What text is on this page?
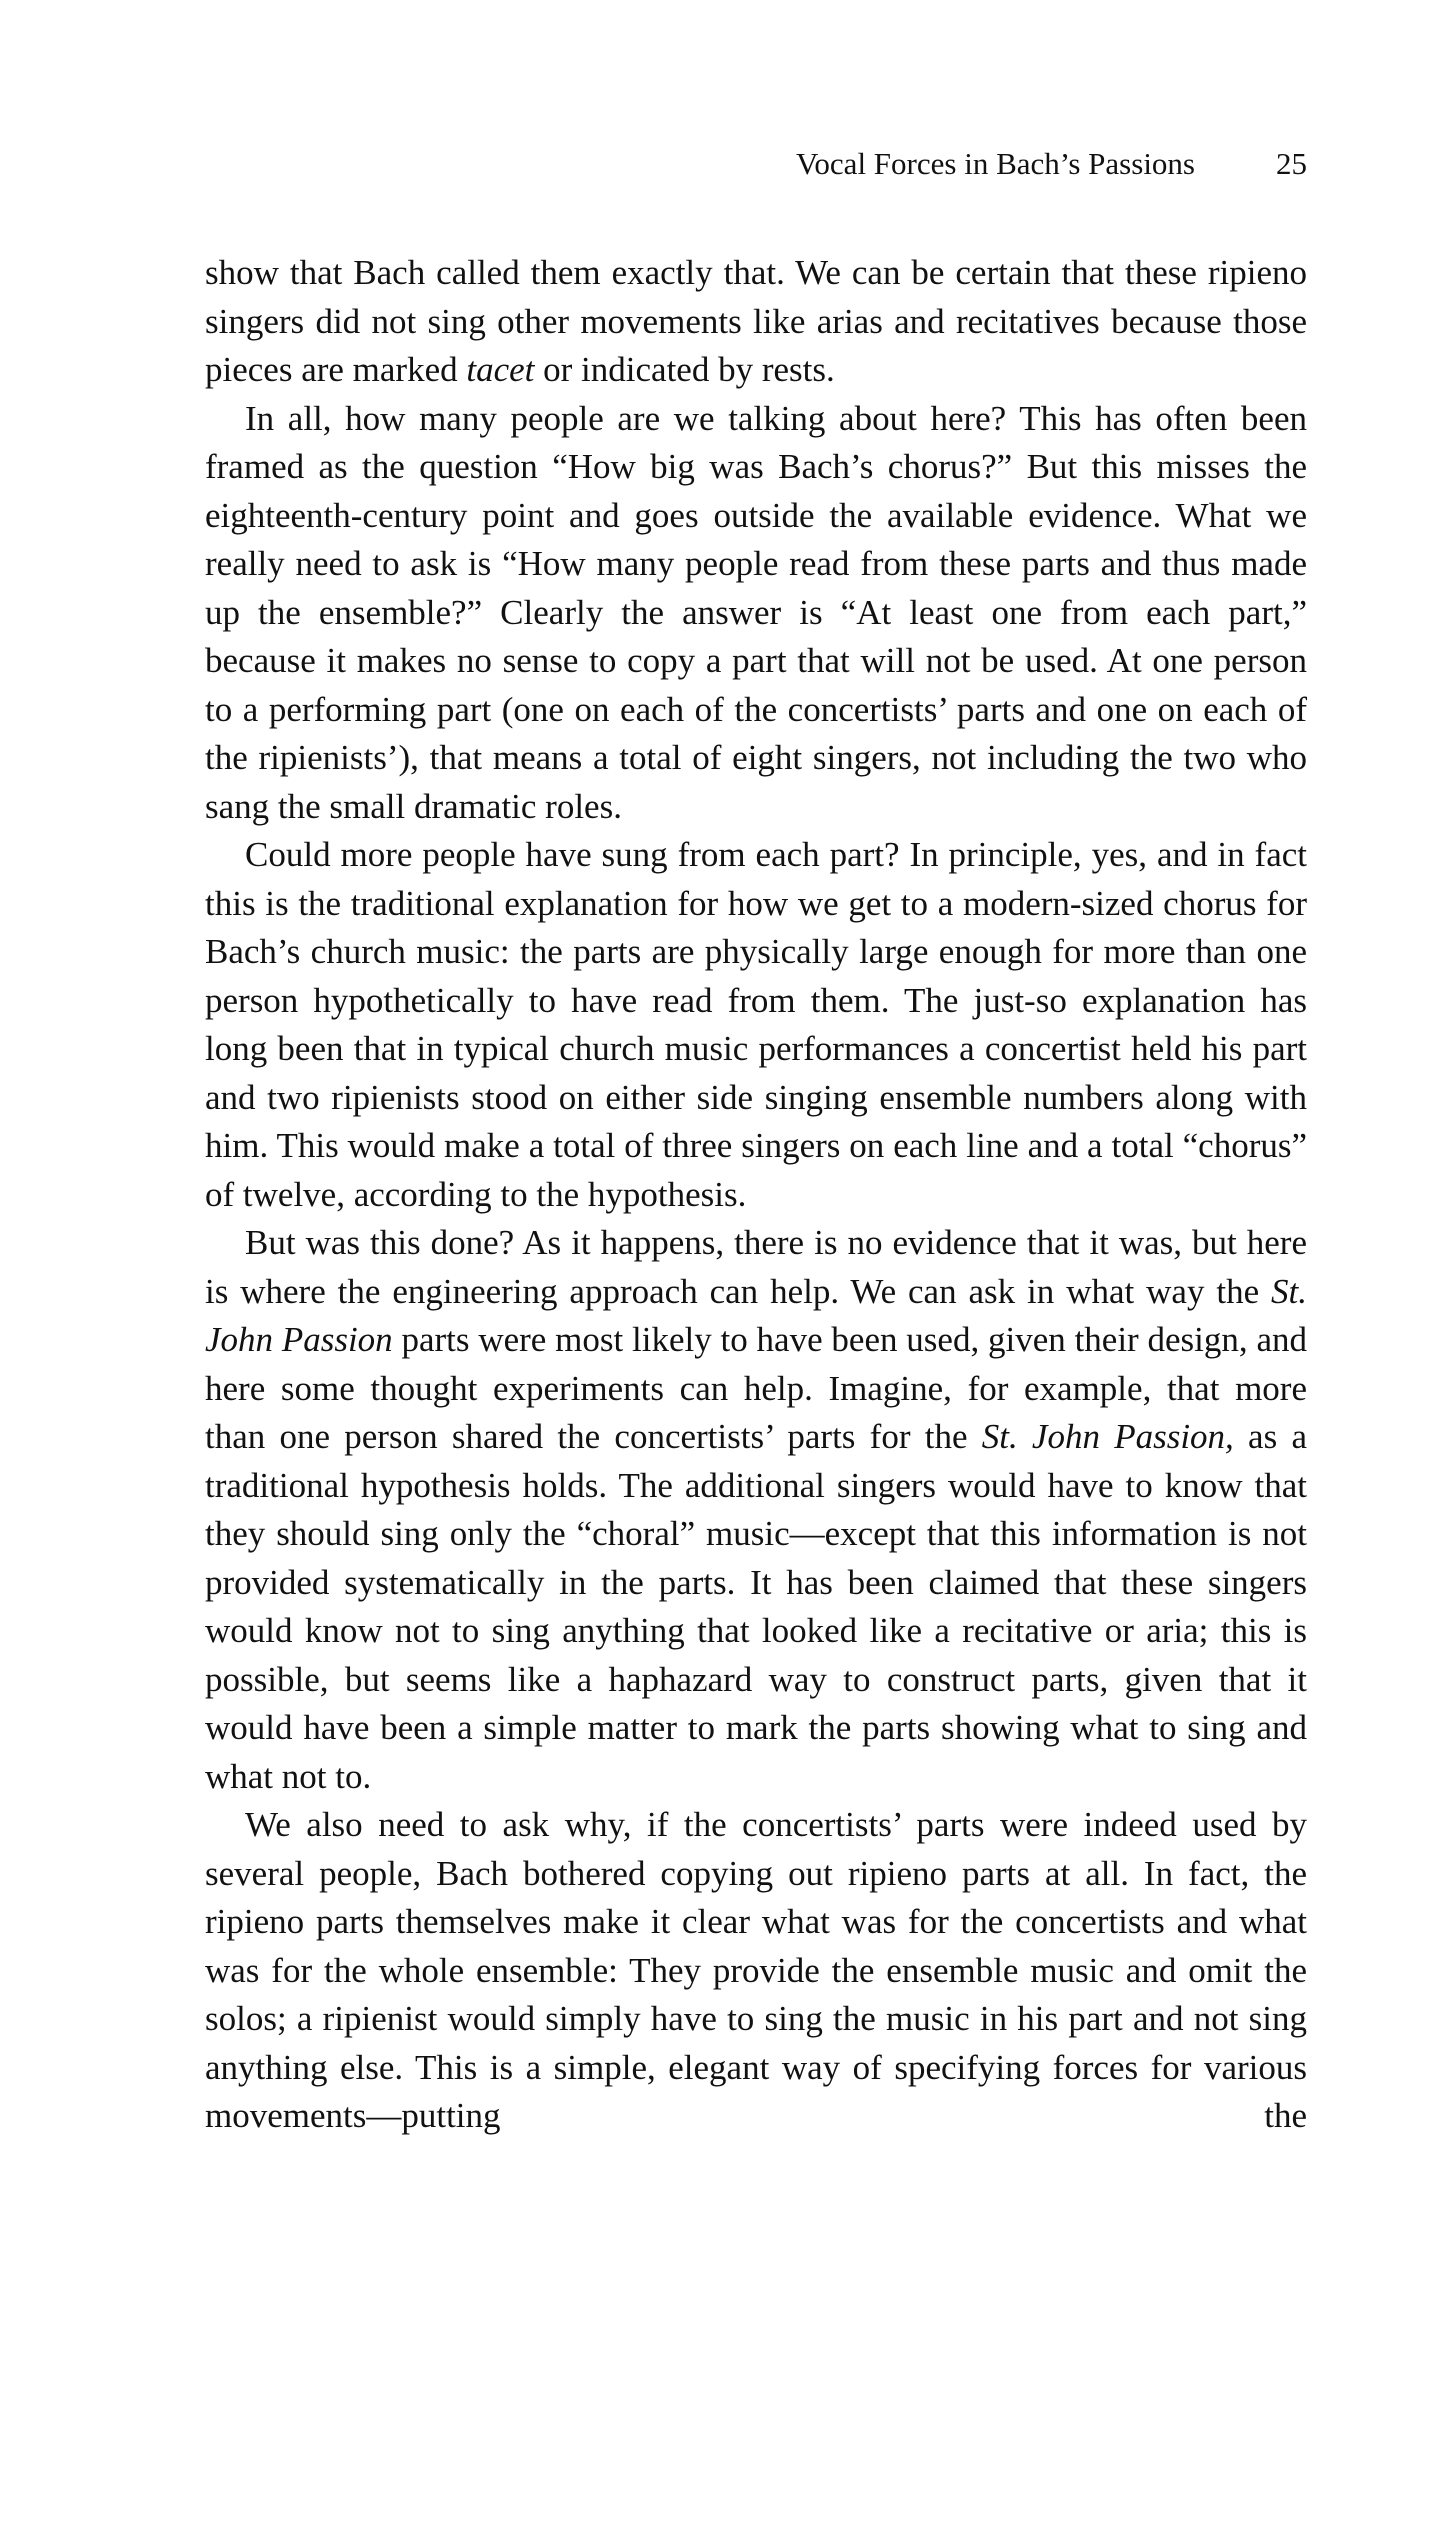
Vocal Forces in Bach’s Passions	25

show that Bach called them exactly that. We can be certain that these ripieno singers did not sing other movements like arias and recitatives because those pieces are marked tacet or indicated by rests.

In all, how many people are we talking about here? This has often been framed as the question “How big was Bach’s chorus?” But this misses the eighteenth-century point and goes outside the available evidence. What we really need to ask is “How many people read from these parts and thus made up the ensemble?” Clearly the answer is “At least one from each part,” because it makes no sense to copy a part that will not be used. At one person to a performing part (one on each of the concertists’ parts and one on each of the ripienists’), that means a total of eight singers, not including the two who sang the small dramatic roles.

Could more people have sung from each part? In principle, yes, and in fact this is the traditional explanation for how we get to a modern-sized chorus for Bach’s church music: the parts are physically large enough for more than one person hypothetically to have read from them. The just-so explanation has long been that in typical church music performances a concertist held his part and two ripienists stood on either side singing ensemble numbers along with him. This would make a total of three singers on each line and a total “chorus” of twelve, according to the hypothesis.

But was this done? As it happens, there is no evidence that it was, but here is where the engineering approach can help. We can ask in what way the St. John Passion parts were most likely to have been used, given their design, and here some thought experiments can help. Imagine, for example, that more than one person shared the concertists’ parts for the St. John Passion, as a traditional hypothesis holds. The additional singers would have to know that they should sing only the “choral” music—except that this information is not provided systematically in the parts. It has been claimed that these singers would know not to sing anything that looked like a recitative or aria; this is possible, but seems like a haphazard way to construct parts, given that it would have been a simple matter to mark the parts showing what to sing and what not to.

We also need to ask why, if the concertists’ parts were indeed used by several people, Bach bothered copying out ripieno parts at all. In fact, the ripieno parts themselves make it clear what was for the concertists and what was for the whole ensemble: They provide the ensemble music and omit the solos; a ripienist would simply have to sing the music in his part and not sing anything else. This is a simple, elegant way of specifying forces for various movements—putting the
